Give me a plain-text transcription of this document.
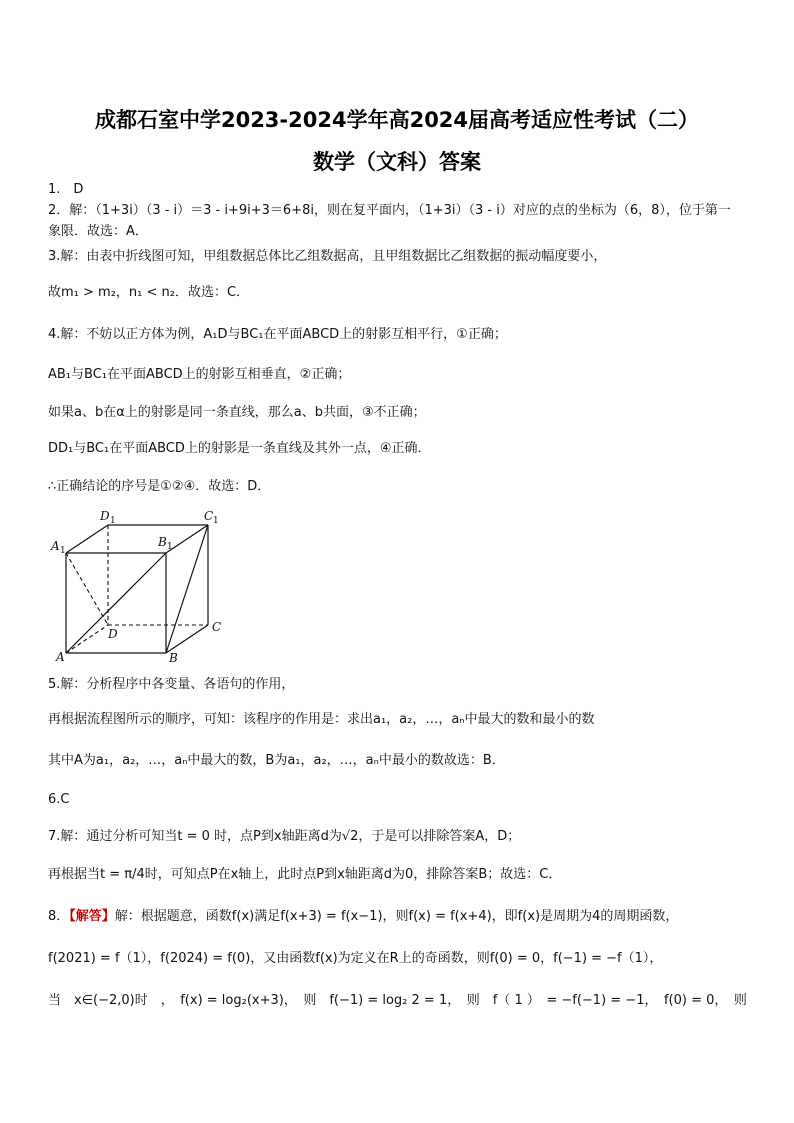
成都石室中学2023-2024学年高2024届高考适应性考试（二）
数学（文科）答案
1.　D
2．解：（1+3i）（3 - i）＝3 - i+9i+3＝6+8i，则在复平面内，（1+3i）（3 - i）对应的点的坐标为（6，8），位于第一
象限．故选：A．
3.解：由表中折线图可知，甲组数据总体比乙组数据高，且甲组数据比乙组数据的振动幅度要小，
故m₁ > m₂，n₁ < n₂．故选：C．
4.解：不妨以正方体为例，A₁D与BC₁在平面ABCD上的射影互相平行，①正确；
AB₁与BC₁在平面ABCD上的射影互相垂直，②正确；
如果a、b在α上的射影是同一条直线，那么a、b共面，③不正确；
DD₁与BC₁在平面ABCD上的射影是一条直线及其外一点，④正确．
∴正确结论的序号是①②④．故选：D．
D 1	C 1
A 1
B 1
D	C
A	B
5.解：分析程序中各变量、各语句的作用，
再根据流程图所示的顺序，可知：该程序的作用是：求出a₁，a₂，…，aₙ中最大的数和最小的数
其中A为a₁，a₂，…，aₙ中最大的数，B为a₁，a₂，…，aₙ中最小的数故选：B．
6.C
7.解：通过分析可知当t = 0 时，点P到x轴距离d为√2，于是可以排除答案A，D；
再根据当t = π/4时，可知点P在x轴上，此时点P到x轴距离d为0，排除答案B；故选：C．
8．【解答】解：根据题意，函数f(x)满足f(x+3) = f(x−1)，则f(x) = f(x+4)，即f(x)是周期为4的周期函数，
f(2021) = f（1），f(2024) = f(0)，又由函数f(x)为定义在R上的奇函数，则f(0) = 0，f(−1) = −f（1），
当　x∈(−2,0)时　，　f(x) = log₂(x+3)，　则　f(−1) = log₂ 2 = 1，　则　f（ 1 ）　= −f(−1) = −1，　f(0) = 0，　则
